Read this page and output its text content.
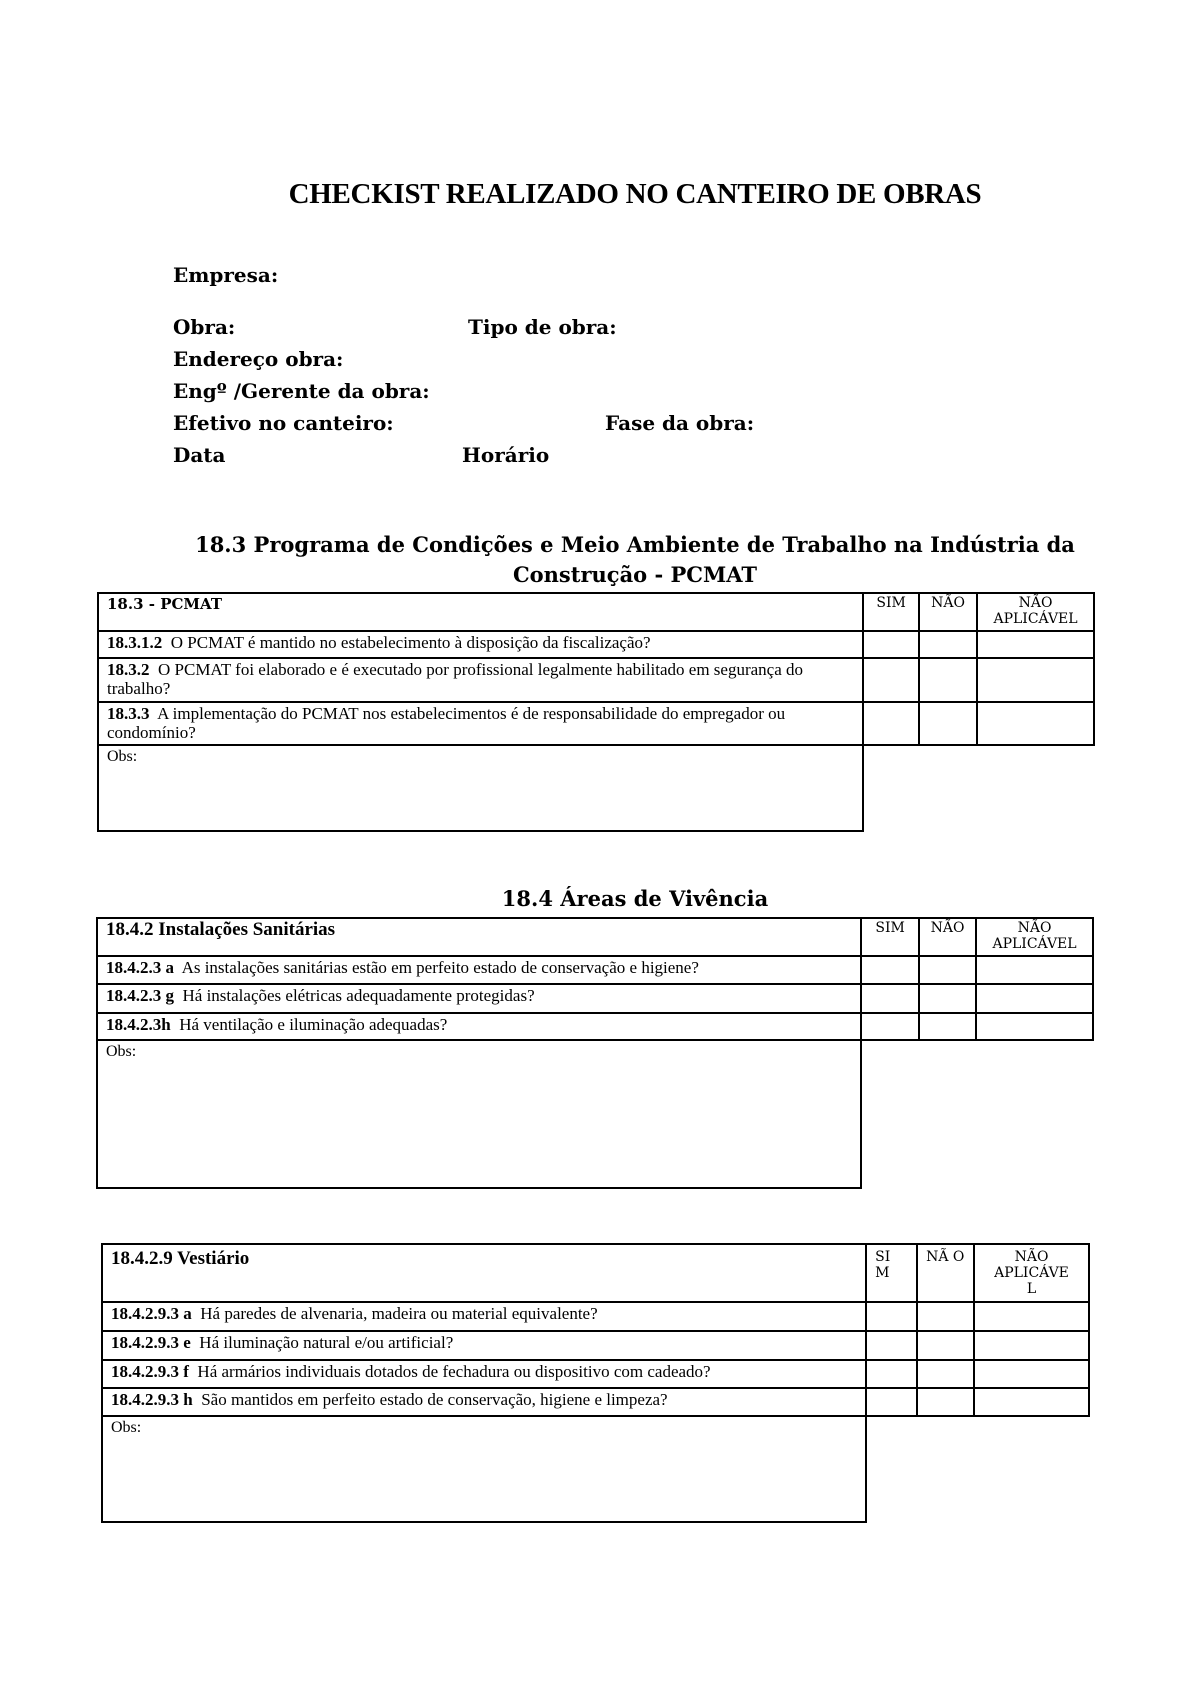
CHECKIST REALIZADO NO CANTEIRO DE OBRAS
Empresa:
Obra:	Tipo de obra:
Endereço obra:
Engº /Gerente da obra:
Efetivo no canteiro:	Fase da obra:
Data	Horário
18.3 Programa de Condições e Meio Ambiente de Trabalho na Indústria da Construção - PCMAT
18.3 - PCMAT	SIM	NÃO	NÃO APLICÁVEL
18.3.1.2 O PCMAT é mantido no estabelecimento à disposição da fiscalização?			
18.3.2 O PCMAT foi elaborado e é executado por profissional legalmente habilitado em segurança do trabalho?			
18.3.3 A implementação do PCMAT nos estabelecimentos é de responsabilidade do empregador ou condomínio?			
Obs:			
18.4 Áreas de Vivência
18.4.2 Instalações Sanitárias	SIM	NÃO	NÃO APLICÁVEL
18.4.2.3 a As instalações sanitárias estão em perfeito estado de conservação e higiene?			
18.4.2.3 g Há instalações elétricas adequadamente protegidas?			
18.4.2.3h Há ventilação e iluminação adequadas?			
Obs:			
18.4.2.9 Vestiário	SI M	NÃ O	NÃO APLICÁVE L
18.4.2.9.3 a Há paredes de alvenaria, madeira ou material equivalente?			
18.4.2.9.3 e Há iluminação natural e/ou artificial?			
18.4.2.9.3 f Há armários individuais dotados de fechadura ou dispositivo com cadeado?			
18.4.2.9.3 h São mantidos em perfeito estado de conservação, higiene e limpeza?			
Obs:			
